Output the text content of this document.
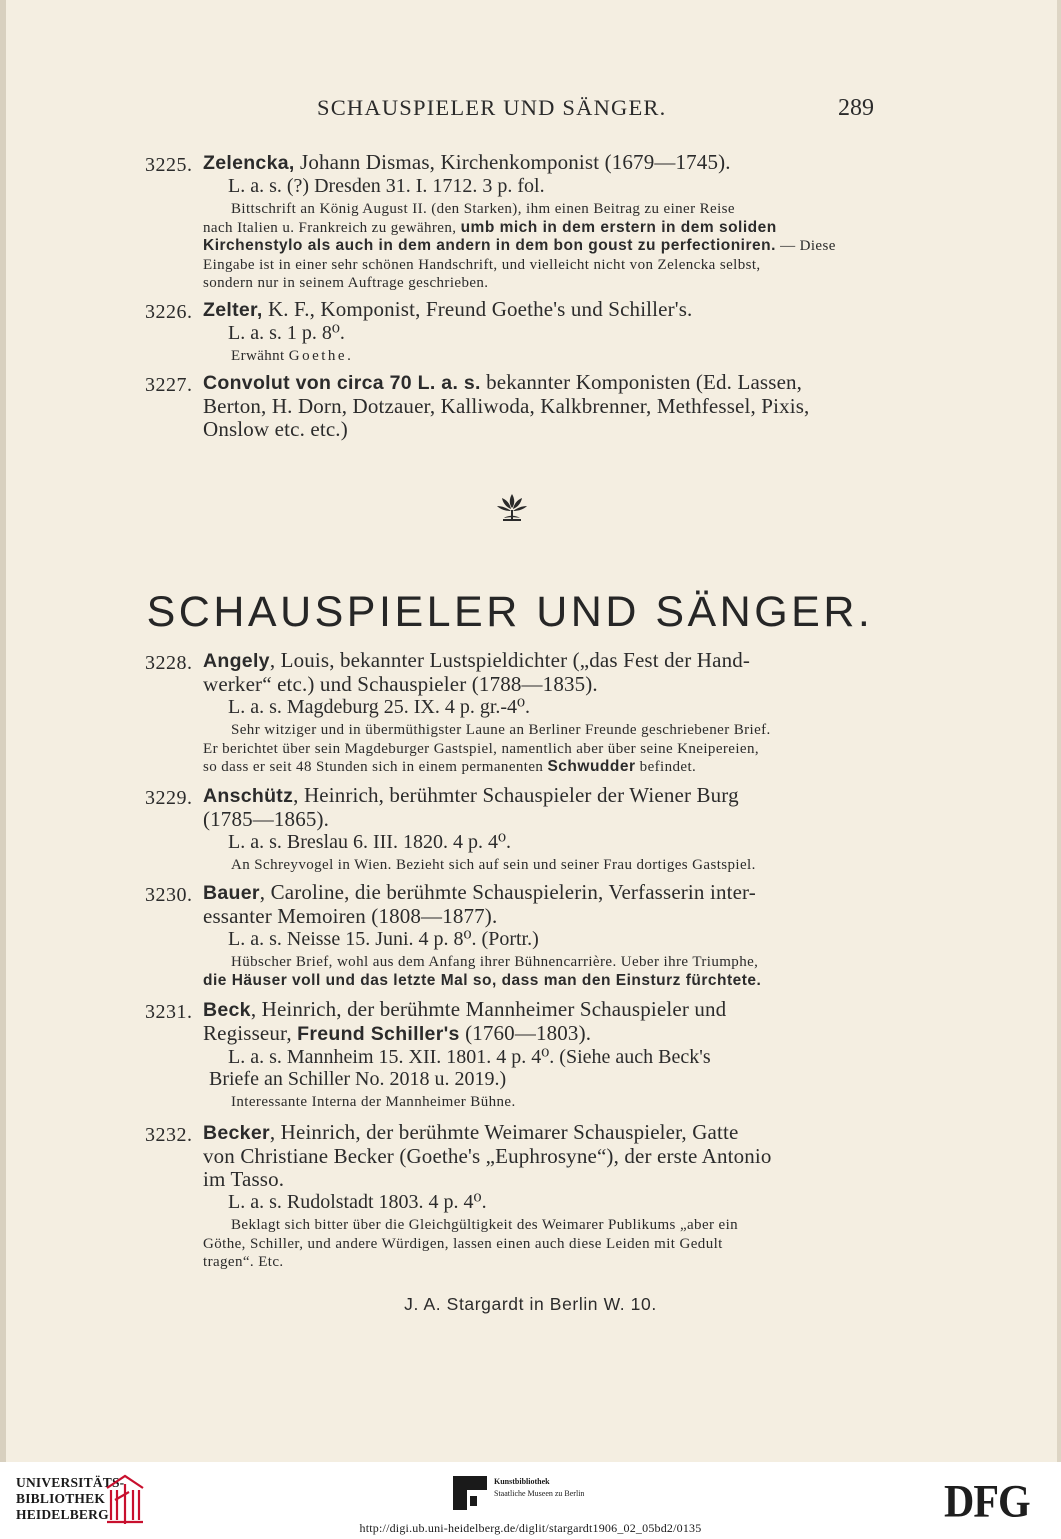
SCHAUSPIELER UND SÄNGER.	289
3225. Zelencka, Johann Dismas, Kirchenkomponist (1679—1745).
L. a. s. (?) Dresden 31. I. 1712. 3 p. fol.
Bittschrift an König August II. (den Starken), ihm einen Beitrag zu einer Reise
nach Italien u. Frankreich zu gewähren, umb mich in dem erstern in dem soliden
Kirchenstylo als auch in dem andern in dem bon goust zu perfectioniren. — Diese
Eingabe ist in einer sehr schönen Handschrift, und vielleicht nicht von Zelencka selbst,
sondern nur in seinem Auftrage geschrieben.
3226. Zelter, K. F., Komponist, Freund Goethe's und Schiller's.
L. a. s. 1 p. 8⁰.
Erwähnt Goethe.
3227. Convolut von circa 70 L. a. s. bekannter Komponisten (Ed. Lassen,
Berton, H. Dorn, Dotzauer, Kalliwoda, Kalkbrenner, Methfessel, Pixis,
Onslow etc. etc.)
SCHAUSPIELER UND SÄNGER.
3228. Angely, Louis, bekannter Lustspieldichter („das Fest der Hand-
werker“ etc.) und Schauspieler (1788—1835).
L. a. s. Magdeburg 25. IX. 4 p. gr.-4⁰.
Sehr witziger und in übermüthigster Laune an Berliner Freunde geschriebener Brief.
Er berichtet über sein Magdeburger Gastspiel, namentlich aber über seine Kneipereien,
so dass er seit 48 Stunden sich in einem permanenten Schwudder befindet.
3229. Anschütz, Heinrich, berühmter Schauspieler der Wiener Burg
(1785—1865).
L. a. s. Breslau 6. III. 1820. 4 p. 4⁰.
An Schreyvogel in Wien. Bezieht sich auf sein und seiner Frau dortiges Gastspiel.
3230. Bauer, Caroline, die berühmte Schauspielerin, Verfasserin inter-
essanter Memoiren (1808—1877).
L. a. s. Neisse 15. Juni. 4 p. 8⁰. (Portr.)
Hübscher Brief, wohl aus dem Anfang ihrer Bühnencarrière. Ueber ihre Triumphe,
die Häuser voll und das letzte Mal so, dass man den Einsturz fürchtete.
3231. Beck, Heinrich, der berühmte Mannheimer Schauspieler und
Regisseur, Freund Schiller's (1760—1803).
L. a. s. Mannheim 15. XII. 1801. 4 p. 4⁰. (Siehe auch Beck's
Briefe an Schiller No. 2018 u. 2019.)
Interessante Interna der Mannheimer Bühne.
3232. Becker, Heinrich, der berühmte Weimarer Schauspieler, Gatte
von Christiane Becker (Goethe's „Euphrosyne“), der erste Antonio
im Tasso.
L. a. s. Rudolstadt 1803. 4 p. 4⁰.
Beklagt sich bitter über die Gleichgültigkeit des Weimarer Publikums „aber ein
Göthe, Schiller, und andere Würdigen, lassen einen auch diese Leiden mit Gedult
tragen“. Etc.
J. A. Stargardt in Berlin W. 10.
UNIVERSITÄTS-
BIBLIOTHEK
HEIDELBERG
Kunstbibliothek
Staatliche Museen zu Berlin	DFG
http://digi.ub.uni-heidelberg.de/diglit/stargardt1906_02_05bd2/0135
